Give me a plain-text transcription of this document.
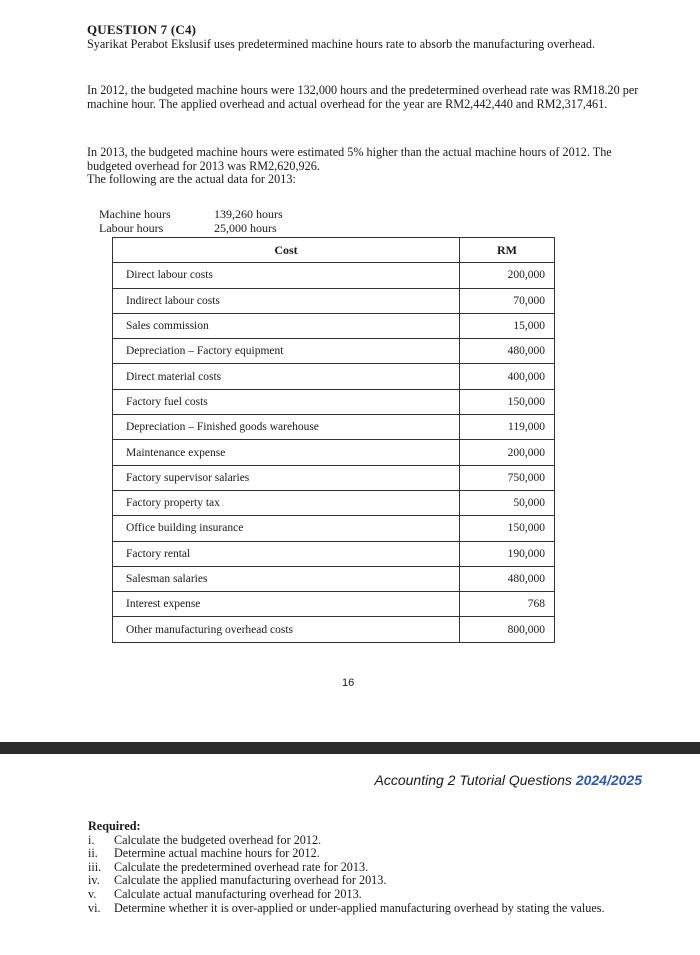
QUESTION 7 (C4)
Syarikat Perabot Ekslusif uses predetermined machine hours rate to absorb the manufacturing overhead.
In 2012, the budgeted machine hours were 132,000 hours and the predetermined overhead rate was RM18.20 per machine hour. The applied overhead and actual overhead for the year are RM2,442,440 and RM2,317,461.
In 2013, the budgeted machine hours were estimated 5% higher than the actual machine hours of 2012. The budgeted overhead for 2013 was RM2,620,926.
The following are the actual data for 2013:
Machine hours	139,260 hours
Labour hours	25,000 hours
Cost	RM
Direct labour costs	200,000
Indirect labour costs	70,000
Sales commission	15,000
Depreciation – Factory equipment	480,000
Direct material costs	400,000
Factory fuel costs	150,000
Depreciation – Finished goods warehouse	119,000
Maintenance expense	200,000
Factory supervisor salaries	750,000
Factory property tax	50,000
Office building insurance	150,000
Factory rental	190,000
Salesman salaries	480,000
Interest expense	768
Other manufacturing overhead costs	800,000
16
Accounting 2 Tutorial Questions 2024/2025
Required:
i.	Calculate the budgeted overhead for 2012.
ii.	Determine actual machine hours for 2012.
iii.	Calculate the predetermined overhead rate for 2013.
iv.	Calculate the applied manufacturing overhead for 2013.
v.	Calculate actual manufacturing overhead for 2013.
vi.	Determine whether it is over-applied or under-applied manufacturing overhead by stating the values.
